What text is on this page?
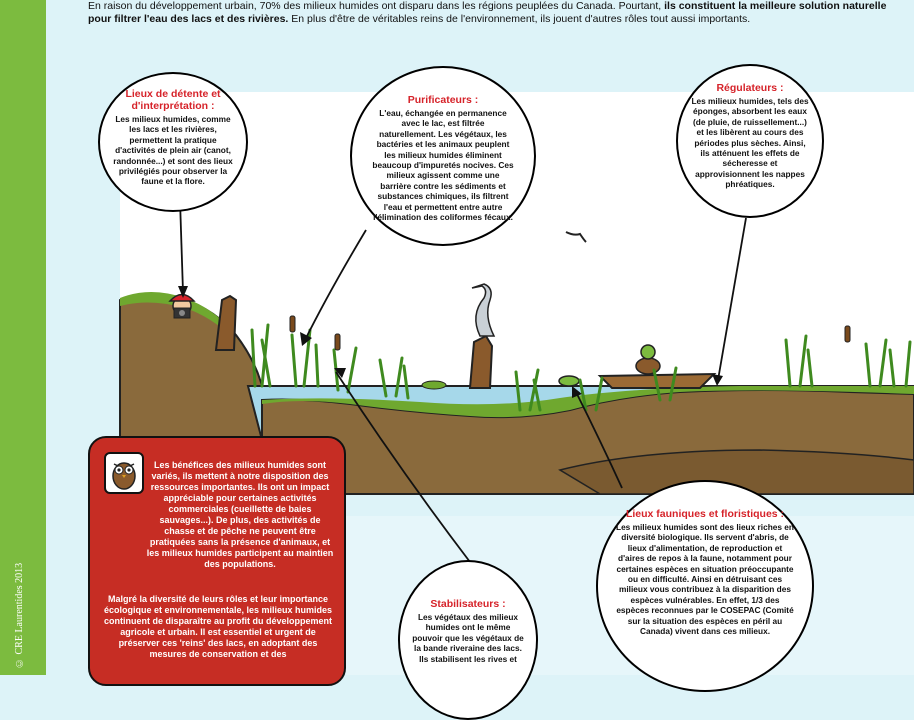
© CRE Laurentides 2013
En raison du développement urbain, 70% des milieux humides ont disparu dans les régions peuplées du Canada. Pourtant, ils constituent la meilleure solution naturelle pour filtrer l'eau des lacs et des rivières. En plus d'être de véritables reins de l'environnement, ils jouent d'autres rôles tout aussi importants.
Lieux de détente et d'interprétation :
Les milieux humides, comme les lacs et les rivières, permettent la pratique d'activités de plein air (canot, randonnée...) et sont des lieux privilégiés pour observer la faune et la flore.
Purificateurs :
L'eau, échangée en permanence avec le lac, est filtrée naturellement. Les végétaux, les bactéries et les animaux peuplent les milieux humides éliminent beaucoup d'impuretés nocives. Ces milieux agissent comme une barrière contre les sédiments et substances chimiques, ils filtrent l'eau et permettent entre autre l'élimination des coliformes fécaux.
Régulateurs :
Les milieux humides, tels des éponges, absorbent les eaux (de pluie, de ruissellement...) et les libèrent au cours des périodes plus sèches. Ainsi, ils atténuent les effets de sécheresse et approvisionnent les nappes phréatiques.
Lieux fauniques et floristiques :
Les milieux humides sont des lieux riches en diversité biologique. Ils servent d'abris, de lieux d'alimentation, de reproduction et d'aires de repos à la faune, notamment pour certaines espèces en situation préoccupante ou en difficulté. Ainsi en détruisant ces milieux vous contribuez à la disparition des espèces vulnérables. En effet, 1/3 des espèces reconnues par le COSEPAC (Comité sur la situation des espèces en péril au Canada) vivent dans ces milieux.
Stabilisateurs :
Les végétaux des milieux humides ont le même pouvoir que les végétaux de la bande riveraine des lacs. Ils stabilisent les rives et
Les bénéfices des milieux humides sont variés, ils mettent à notre disposition des ressources importantes. Ils ont un impact appréciable pour certaines activités commerciales (cueillette de baies sauvages...). De plus, des activités de chasse et de pêche ne peuvent être pratiquées sans la présence d'animaux, et les milieux humides participent au maintien des populations.
Malgré la diversité de leurs rôles et leur importance écologique et environnementale, les milieux humides continuent de disparaître au profit du développement agricole et urbain. Il est essentiel et urgent de préserver ces 'reins' des lacs, en adoptant des mesures de conservation et des
